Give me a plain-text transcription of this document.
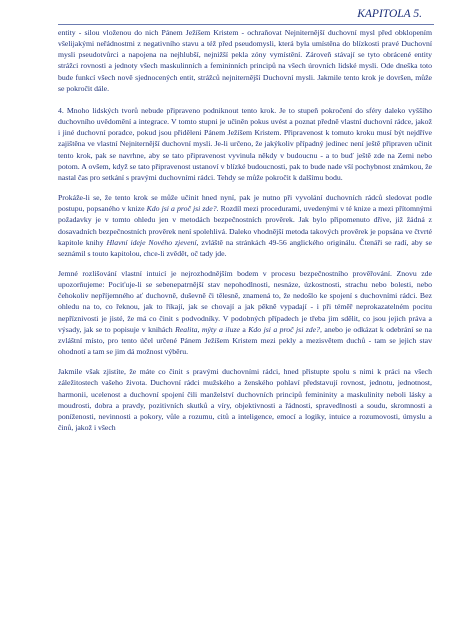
KAPITOLA 5.

entity - silou vloženou do nich Pánem Ježíšem Kristem - ochraňovat Nejniternější duchovní mysl před obklopením všelijakými neřádnostmi z negativního stavu a též před pseudomysli, která byla umístěna do blízkosti pravé Duchovní mysli pseudotvůrci a napojena na nejhlubší, nejnižší pekla zóny vymístění. Zároveň stávají se tyto obrácené entity strážci rovnosti a jednoty všech maskulinních a femininních principů na všech úrovních lidské mysli. Ode dneška toto bude funkcí všech nově sjednocených entit, strážců nejniternější Duchovní mysli. Jakmile tento krok je dovršen, může se pokročit dále.

4. Mnoho lidských tvorů nebude připraveno podniknout tento krok. Je to stupeň pokročení do sféry daleko vyššího duchovního uvědomění a integrace. V tomto stupni je učiněn pokus uvést a poznat předně vlastní duchovní rádce, jakož i jiné duchovní poradce, pokud jsou přiděleni Pánem Ježíšem Kristem. Připravenost k tomuto kroku musí být nejdříve zajištěna ve vlastní Nejniternější duchovní mysli. Je-li určeno, že jakýkoliv případný jedinec není ještě připraven učinit tento krok, pak se navrhne, aby se tato připravenost vyvinula někdy v budoucnu - a to buď ještě zde na Zemi nebo potom. A ovšem, když se tato připravenost ustanoví v blízké budoucnosti, pak to bude nade vší pochybnost známkou, že nastal čas pro setkání s pravými duchovními rádci. Tehdy se může pokročit k dalšímu bodu.

Prokáže-li se, že tento krok se může učinit hned nyní, pak je nutno při vyvolání duchovních rádců sledovat podle postupu, popsaného v knize Kdo jsi a proč jsi zde?. Rozdíl mezi procedurami, uvedenými v té knize a mezi přítomnými požadavky je v tomto ohledu jen v metodách bezpečnostních prověrek. Jak bylo připomenuto dříve, již žádná z dosavadních bezpečnostních prověrek není spolehlivá. Daleko vhodnější metoda takových prověrek je popsána ve čtvrté kapitole knihy Hlavní ideje Nového zjevení, zvláště na stránkách 49-56 anglického originálu. Čtenáři se radí, aby se seznámil s touto kapitolou, chce-li zvědět, oč tady jde.

Jemné rozlišování vlastní intuicí je nejrozhodnějším bodem v procesu bezpečnostního prověřování. Znovu zde upozorňujeme: Pociťuje-li se sebenepatrnější stav nepohodlnosti, nesnáze, úzkostnosti, strachu nebo bolesti, nebo čehokoliv nepříjemného ať duchovně, duševně či tělesně, znamená to, že nedošlo ke spojení s duchovními rádci. Bez ohledu na to, co řeknou, jak to říkají, jak se chovají a jak pěkně vypadají - i při téměř neprokazatelném pocitu nepříznivosti je jisté, že má co činit s podvodníky. V podobných případech je třeba jim sdělit, co jsou jejich práva a výsady, jak se to popisuje v knihách Realita, mýty a iluze a Kdo jsi a proč jsi zde?, anebo je odkázat k odebrání se na zvláštní místo, pro tento účel určené Pánem Ježíšem Kristem mezi pekly a mezisvětem duchů - tam se jejich stav ohodnotí a tam se jim dá možnost výběru.

Jakmile však zjistíte, že máte co činit s pravými duchovními rádci, hned přistupte spolu s nimi k práci na všech záležitostech vašeho života. Duchovní rádci mužského a ženského pohlaví představují rovnost, jednotu, jednotnost, harmonii, ucelenost a duchovní spojení čili manželství duchovních principů femininity a maskulinity neboli lásky a moudrosti, dobra a pravdy, pozitivních skutků a víry, objektivnosti a řádnosti, spravedlnosti a soudu, skromnosti a poníženosti, nevinnosti a pokory, vůle a rozumu, citů a inteligence, emocí a logiky, intuice a rozumovosti, úmyslu a činů, jakož i všech
